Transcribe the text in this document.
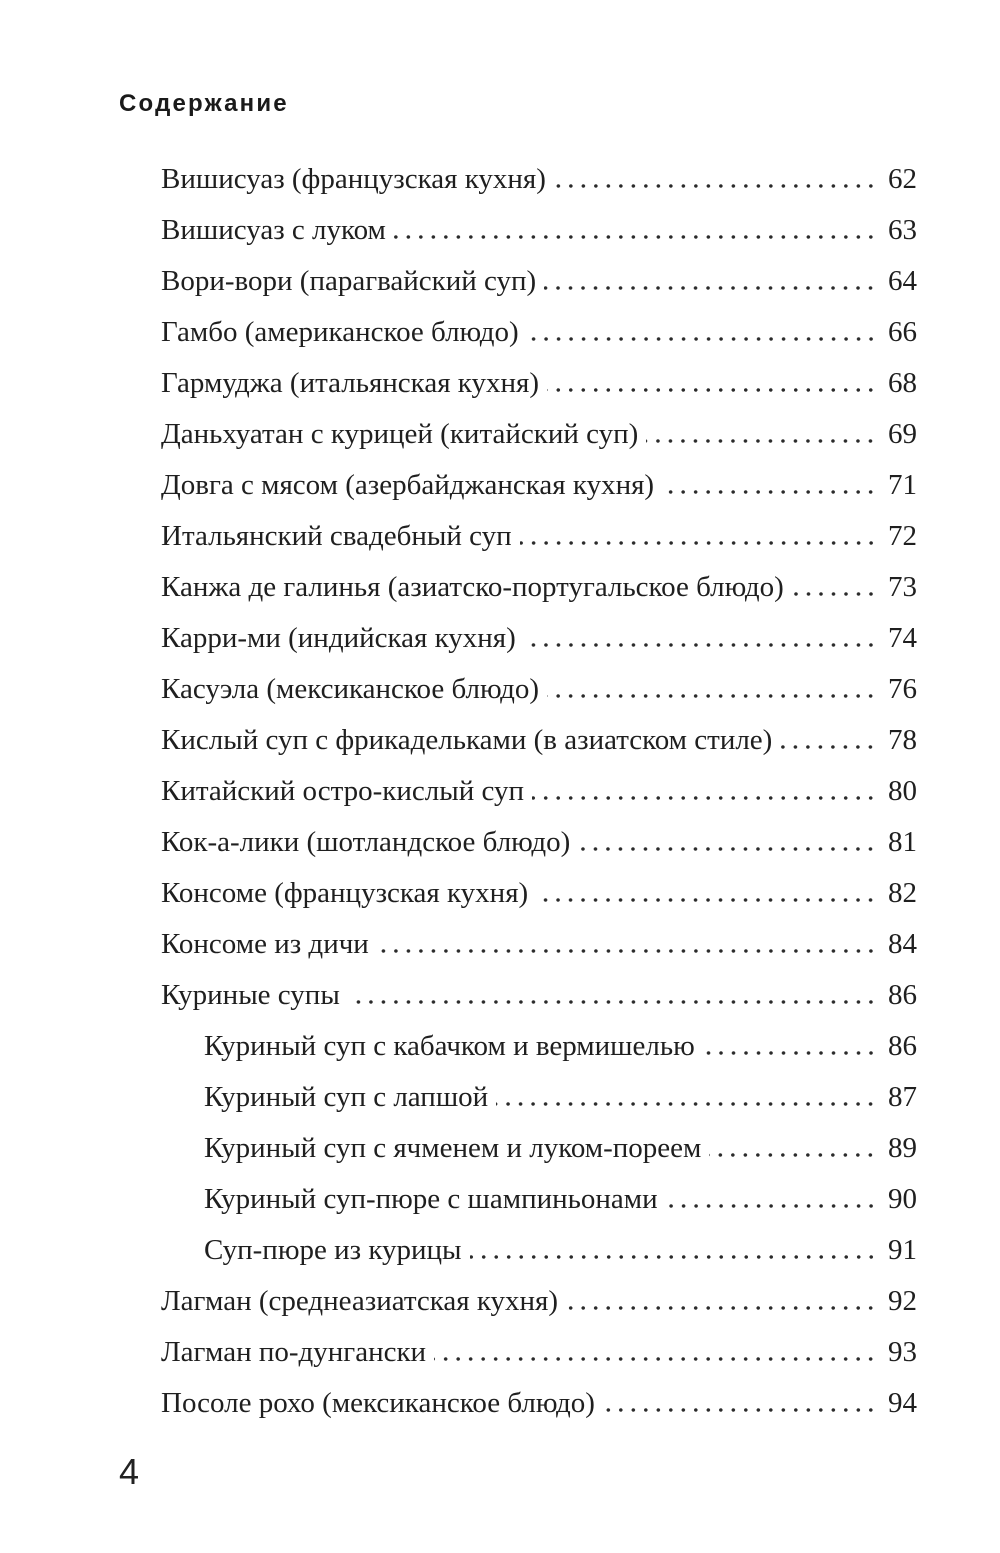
Содержание
Вишисуаз (французская кухня)	62
Вишисуаз с луком	63
Вори-вори (парагвайский суп)	64
Гамбо (американское блюдо)	66
Гармуджа (итальянская кухня)	68
Даньхуатан с курицей (китайский суп)	69
Довга с мясом (азербайджанская кухня)	71
Итальянский свадебный суп	72
Канжа де галинья (азиатско-португальское блюдо)	73
Карри-ми (индийская кухня)	74
Касуэла (мексиканское блюдо)	76
Кислый суп с фрикадельками (в азиатском стиле)	78
Китайский остро-кислый суп	80
Кок-а-лики (шотландское блюдо)	81
Консоме (французская кухня)	82
Консоме из дичи	84
Куриные супы	86
Куриный суп с кабачком и вермишелью	86
Куриный суп с лапшой	87
Куриный суп с ячменем и луком-пореем	89
Куриный суп-пюре с шампиньонами	90
Суп-пюре из курицы	91
Лагман (среднеазиатская кухня)	92
Лагман по-дунгански	93
Посоле рохо (мексиканское блюдо)	94
4
